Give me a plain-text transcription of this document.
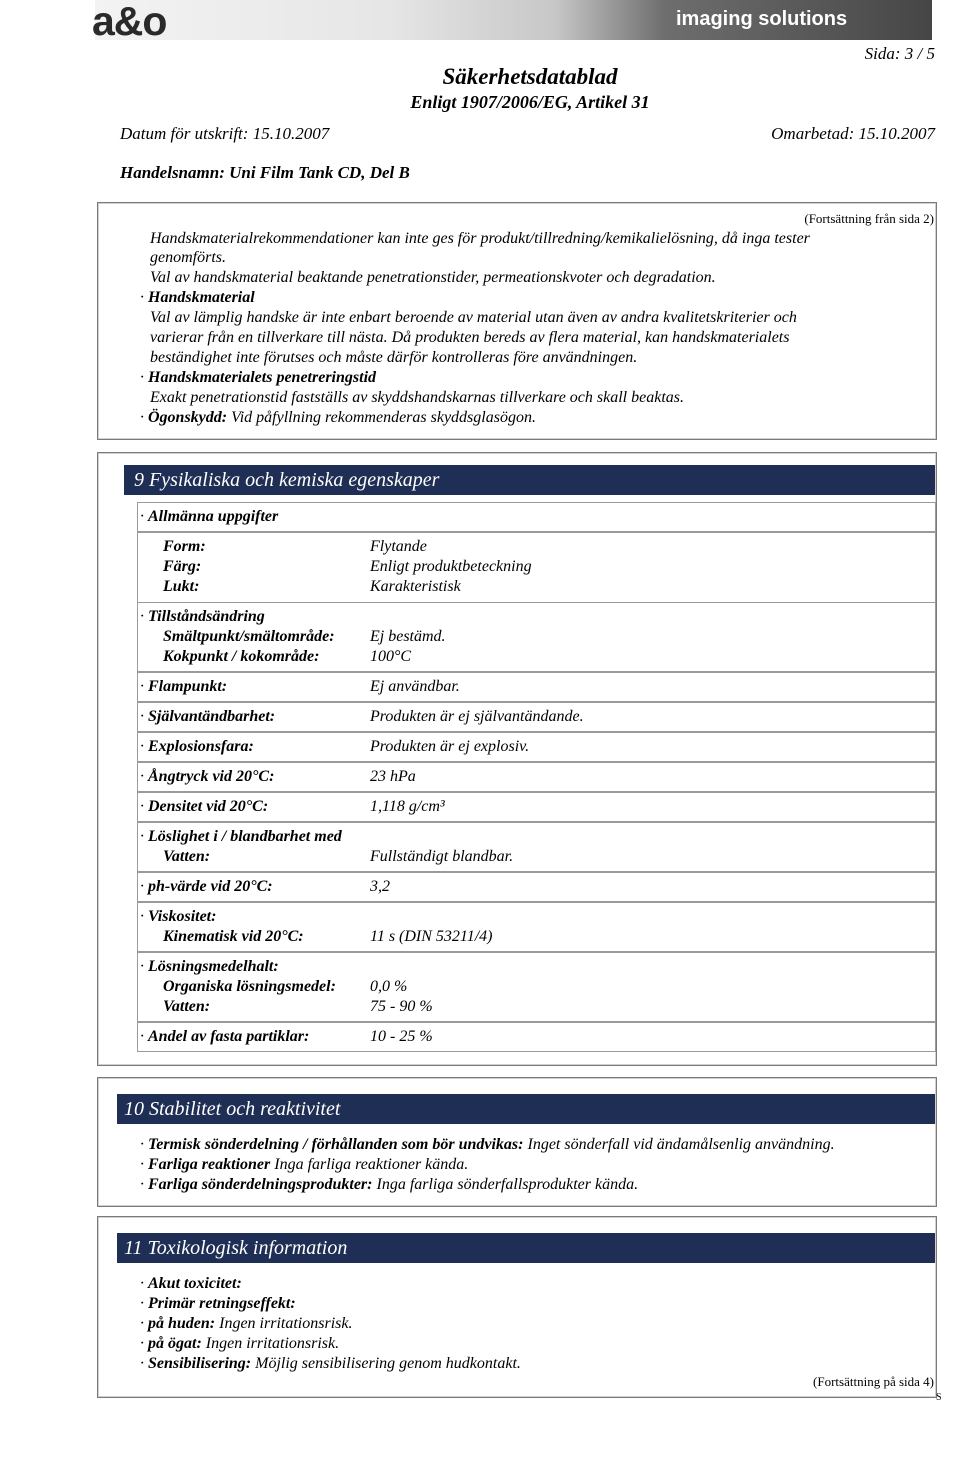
a&o	imaging solutions
Sida: 3 / 5
Säkerhetsdatablad
Enligt 1907/2006/EG, Artikel 31
Datum för utskrift: 15.10.2007	Omarbetad: 15.10.2007
Handelsnamn: Uni Film Tank CD, Del B
(Fortsättning från sida 2)
Handskmaterialrekommendationer kan inte ges för produkt/tillredning/kemikalielösning, då inga tester
genomförts.
Val av handskmaterial beaktande penetrationstider, permeationskvoter och degradation.
· Handskmaterial
Val av lämplig handske är inte enbart beroende av material utan även av andra kvalitetskriterier och
varierar från en tillverkare till nästa. Då produkten bereds av flera material, kan handskmaterialets
beständighet inte förutses och måste därför kontrolleras före användningen.
· Handskmaterialets penetreringstid
Exakt penetrationstid fastställs av skyddshandskarnas tillverkare och skall beaktas.
· Ögonskydd: Vid påfyllning rekommenderas skyddsglasögon.
9 Fysikaliska och kemiska egenskaper
· Allmänna uppgifter
Form:	Flytande
Färg:	Enligt produktbeteckning
Lukt:	Karakteristisk
· Tillståndsändring
Smältpunkt/smältområde: Ej bestämd.
Kokpunkt / kokområde:	100°C
· Flampunkt:	Ej användbar.
· Självantändbarhet:	Produkten är ej självantändande.
· Explosionsfara:	Produkten är ej explosiv.
· Ångtryck vid 20°C:	23 hPa
· Densitet vid 20°C:	1,118 g/cm³
· Löslighet i / blandbarhet med
Vatten:	Fullständigt blandbar.
· ph-värde vid 20°C:	3,2
· Viskositet:
Kinematisk vid 20°C:	11 s (DIN 53211/4)
· Lösningsmedelhalt:
Organiska lösningsmedel: 0,0 %
Vatten:	75 - 90 %
· Andel av fasta partiklar:	10 - 25 %
10 Stabilitet och reaktivitet
· Termisk sönderdelning / förhållanden som bör undvikas: Inget sönderfall vid ändamålsenlig användning.
· Farliga reaktioner Inga farliga reaktioner kända.
· Farliga sönderdelningsprodukter: Inga farliga sönderfallsprodukter kända.
11 Toxikologisk information
· Akut toxicitet:
· Primär retningseffekt:
· på huden: Ingen irritationsrisk.
· på ögat: Ingen irritationsrisk.
· Sensibilisering: Möjlig sensibilisering genom hudkontakt.
(Fortsättning på sida 4)
S
